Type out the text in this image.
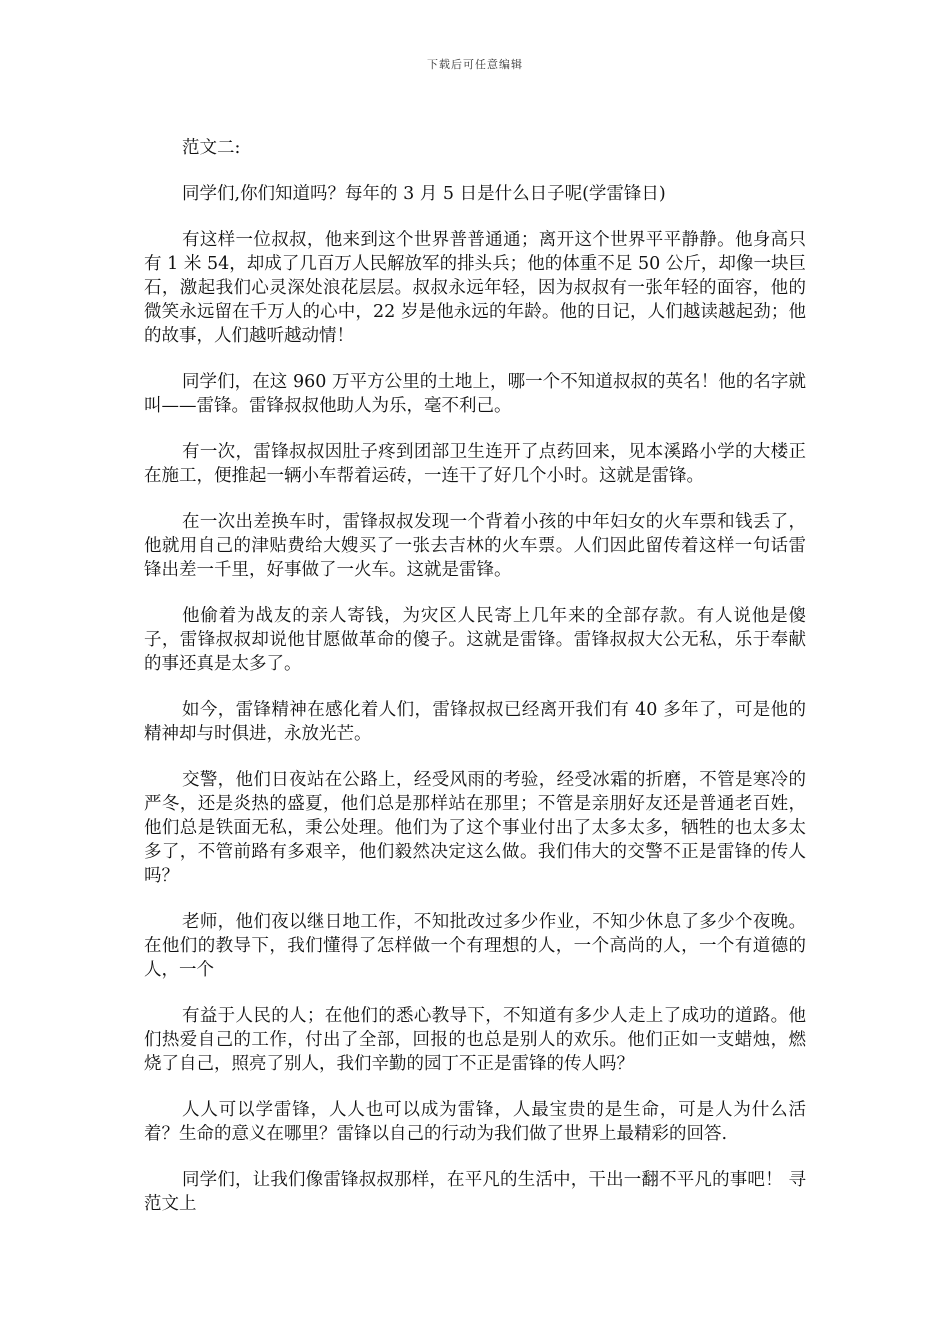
下载后可任意编辑

范文二:

同学们,你们知道吗？每年的 3 月 5 日是什么日子呢(学雷锋日)

有这样一位叔叔，他来到这个世界普普通通；离开这个世界平平静静。他身高只有 1 米 54，却成了几百万人民解放军的排头兵；他的体重不足 50 公斤，却像一块巨石，激起我们心灵深处浪花层层。叔叔永远年轻，因为叔叔有一张年轻的面容，他的微笑永远留在千万人的心中，22 岁是他永远的年龄。他的日记，人们越读越起劲；他的故事，人们越听越动情！

同学们，在这 960 万平方公里的土地上，哪一个不知道叔叔的英名！他的名字就叫——雷锋。雷锋叔叔他助人为乐，毫不利己。

有一次，雷锋叔叔因肚子疼到团部卫生连开了点药回来，见本溪路小学的大楼正在施工，便推起一辆小车帮着运砖，一连干了好几个小时。这就是雷锋。

在一次出差换车时，雷锋叔叔发现一个背着小孩的中年妇女的火车票和钱丢了，他就用自己的津贴费给大嫂买了一张去吉林的火车票。人们因此留传着这样一句话雷锋出差一千里，好事做了一火车。这就是雷锋。

他偷着为战友的亲人寄钱，为灾区人民寄上几年来的全部存款。有人说他是傻子，雷锋叔叔却说他甘愿做革命的傻子。这就是雷锋。雷锋叔叔大公无私，乐于奉献的事还真是太多了。

如今，雷锋精神在感化着人们，雷锋叔叔已经离开我们有 40 多年了，可是他的精神却与时俱进，永放光芒。

交警，他们日夜站在公路上，经受风雨的考验，经受冰霜的折磨，不管是寒冷的严冬，还是炎热的盛夏，他们总是那样站在那里；不管是亲朋好友还是普通老百姓，他们总是铁面无私，秉公处理。他们为了这个事业付出了太多太多，牺牲的也太多太多了，不管前路有多艰辛，他们毅然决定这么做。我们伟大的交警不正是雷锋的传人吗？

老师，他们夜以继日地工作，不知批改过多少作业，不知少休息了多少个夜晚。在他们的教导下，我们懂得了怎样做一个有理想的人，一个高尚的人，一个有道德的人，一个

有益于人民的人；在他们的悉心教导下，不知道有多少人走上了成功的道路。他们热爱自己的工作，付出了全部，回报的也总是别人的欢乐。他们正如一支蜡烛，燃烧了自己，照亮了别人，我们辛勤的园丁不正是雷锋的传人吗？

人人可以学雷锋，人人也可以成为雷锋，人最宝贵的是生命，可是人为什么活着？生命的意义在哪里？雷锋以自己的行动为我们做了世界上最精彩的回答.

同学们，让我们像雷锋叔叔那样，在平凡的生活中，干出一翻不平凡的事吧！ 寻范文上
